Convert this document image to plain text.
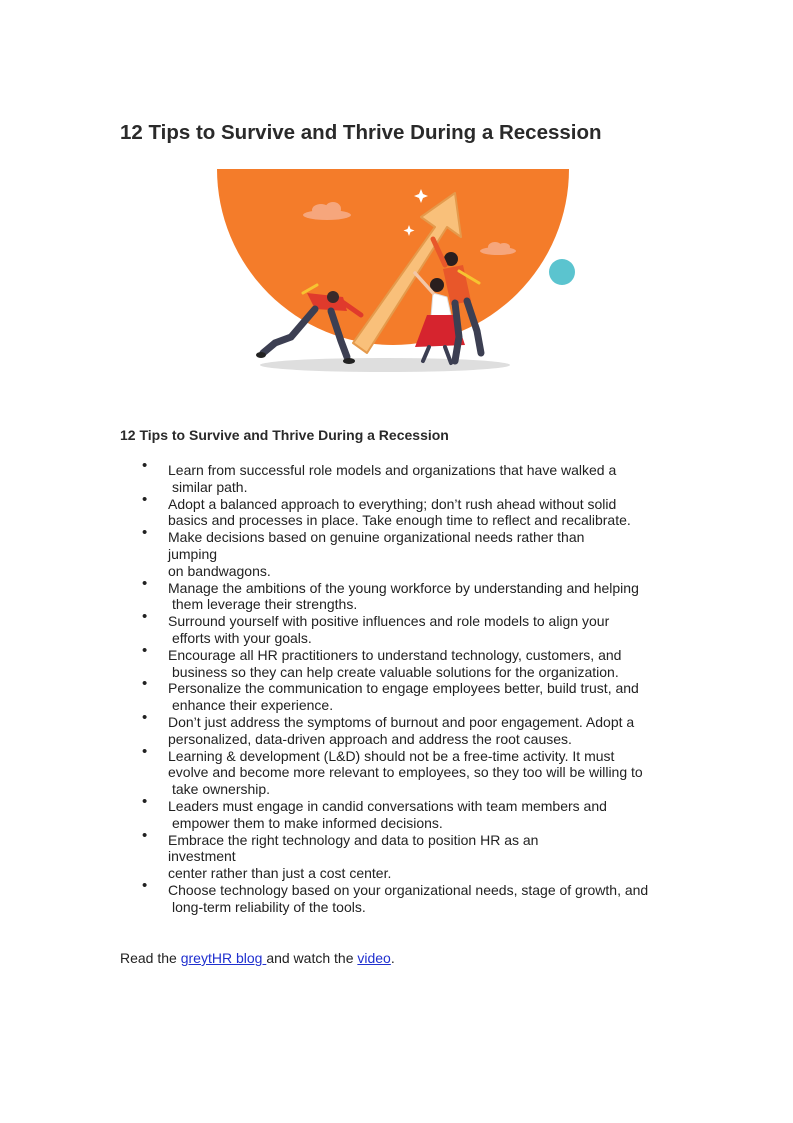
12 Tips to Survive and Thrive During a Recession
12 Tips to Survive and Thrive During a Recession
• Learn from successful role models and organizations that have walked a
similar path.
• Adopt a balanced approach to everything; don’t rush ahead without solid
basics and processes in place. Take enough time to reflect and recalibrate.
• Make decisions based on genuine organizational needs rather than
jumping
on bandwagons.
• Manage the ambitions of the young workforce by understanding and helping
them leverage their strengths.
• Surround yourself with positive influences and role models to align your
efforts with your goals.
• Encourage all HR practitioners to understand technology, customers, and
business so they can help create valuable solutions for the organization.
• Personalize the communication to engage employees better, build trust, and
enhance their experience.
• Don’t just address the symptoms of burnout and poor engagement. Adopt a
personalized, data-driven approach and address the root causes.
• Learning & development (L&D) should not be a free-time activity. It must
evolve and become more relevant to employees, so they too will be willing to
take ownership.
• Leaders must engage in candid conversations with team members and
empower them to make informed decisions.
• Embrace the right technology and data to position HR as an
investment
center rather than just a cost center.
• Choose technology based on your organizational needs, stage of growth, and
long-term reliability of the tools.

Read the greytHR blog and watch the video.
